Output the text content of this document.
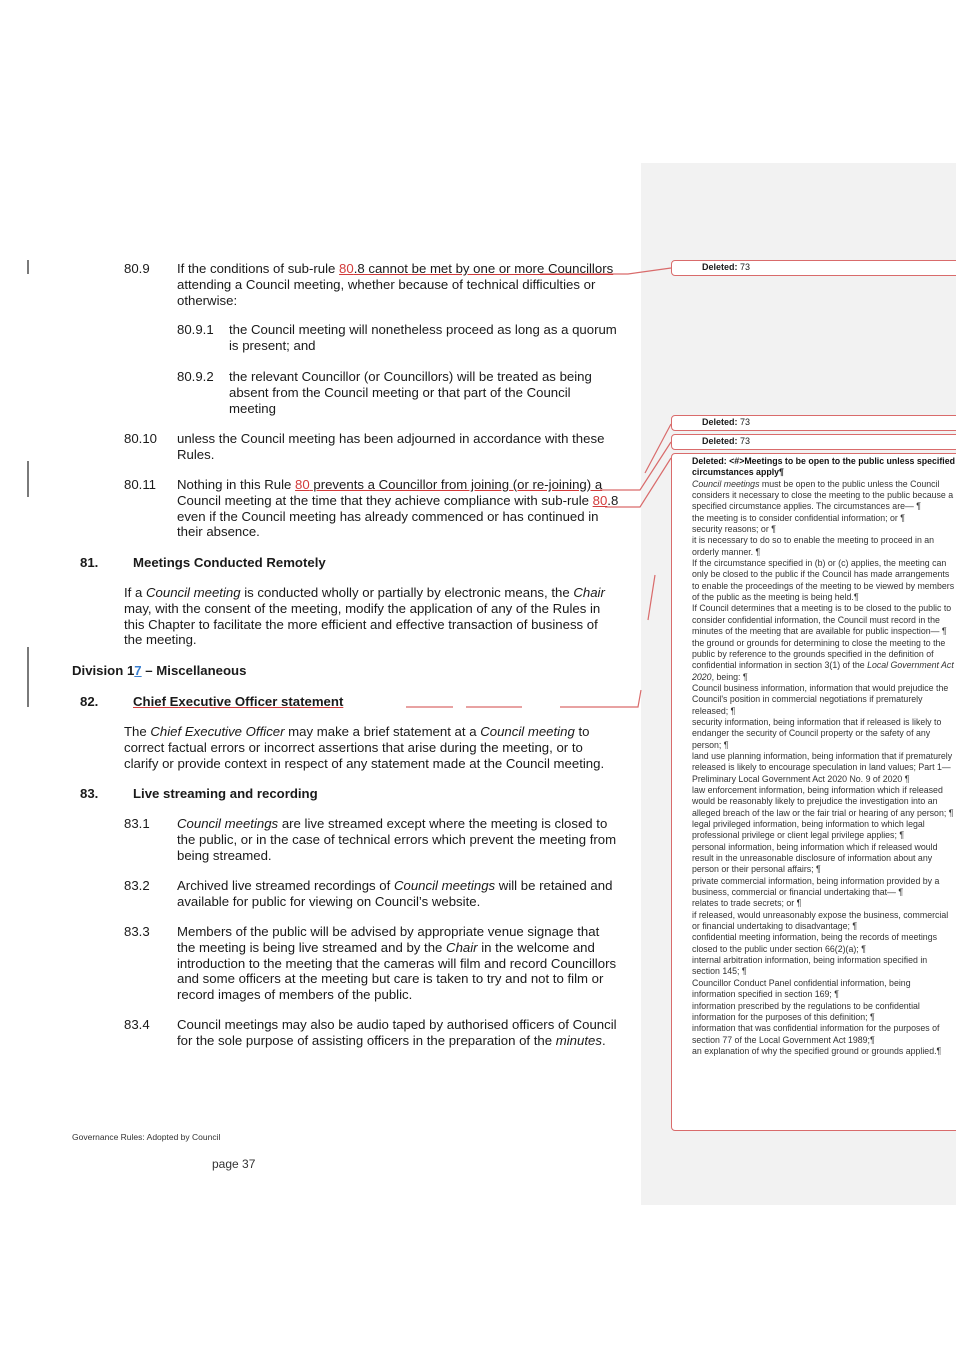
80.9 If the conditions of sub-rule 80.8 cannot be met by one or more Councillors
attending a Council meeting, whether because of technical difficulties or
otherwise:
80.9.1 the Council meeting will nonetheless proceed as long as a quorum
is present; and
80.9.2 the relevant Councillor (or Councillors) will be treated as being
absent from the Council meeting or that part of the Council
meeting
80.10 unless the Council meeting has been adjourned in accordance with these
Rules.
80.11 Nothing in this Rule 80 prevents a Councillor from joining (or re-joining) a
Council meeting at the time that they achieve compliance with sub-rule 80.8
even if the Council meeting has already commenced or has continued in
their absence.
81.	Meetings Conducted Remotely
If a Council meeting is conducted wholly or partially by electronic means, the Chair
may, with the consent of the meeting, modify the application of any of the Rules in
this Chapter to facilitate the more efficient and effective transaction of business of
the meeting.
Division 17 – Miscellaneous
82.	Chief Executive Officer statement
The Chief Executive Officer may make a brief statement at a Council meeting to
correct factual errors or incorrect assertions that arise during the meeting, or to
clarify or provide context in respect of any statement made at the Council meeting.
83.	Live streaming and recording
83.1 Council meetings are live streamed except where the meeting is closed to
the public, or in the case of technical errors which prevent the meeting from
being streamed.
83.2 Archived live streamed recordings of Council meetings will be retained and
available for public for viewing on Council’s website.
83.3 Members of the public will be advised by appropriate venue signage that
the meeting is being live streamed and by the Chair in the welcome and
introduction to the meeting that the cameras will film and record Councillors
and some officers at the meeting but care is taken to try and not to film or
record images of members of the public.
83.4 Council meetings may also be audio taped by authorised officers of Council
for the sole purpose of assisting officers in the preparation of the minutes.
Governance Rules: Adopted by Council
page 37
Deleted: 73
Deleted: 73
Deleted: 73
Deleted: <#>Meetings to be open to the public unless specified circumstances apply¶
Council meetings must be open to the public unless the Council considers it necessary to close the meeting to the public because a specified circumstance applies. The circumstances are— ¶
the meeting is to consider confidential information; or ¶
security reasons; or ¶
it is necessary to do so to enable the meeting to proceed in an orderly manner. ¶
If the circumstance specified in (b) or (c) applies, the meeting can only be closed to the public if the Council has made arrangements to enable the proceedings of the meeting to be viewed by members of the public as the meeting is being held.¶
If Council determines that a meeting is to be closed to the public to consider confidential information, the Council must record in the minutes of the meeting that are available for public inspection— ¶
the ground or grounds for determining to close the meeting to the public by reference to the grounds specified in the definition of confidential information in section 3(1) of the Local Government Act 2020, being: ¶
Council business information, information that would prejudice the Council's position in commercial negotiations if prematurely released; ¶
security information, being information that if released is likely to endanger the security of Council property or the safety of any person; ¶
land use planning information, being information that if prematurely released is likely to encourage speculation in land values; Part 1—Preliminary Local Government Act 2020 No. 9 of 2020 ¶
law enforcement information, being information which if released would be reasonably likely to prejudice the investigation into an alleged breach of the law or the fair trial or hearing of any person; ¶
legal privileged information, being information to which legal professional privilege or client legal privilege applies; ¶
personal information, being information which if released would result in the unreasonable disclosure of information about any person or their personal affairs; ¶
private commercial information, being information provided by a business, commercial or financial undertaking that— ¶
relates to trade secrets; or ¶
if released, would unreasonably expose the business, commercial or financial undertaking to disadvantage; ¶
confidential meeting information, being the records of meetings closed to the public under section 66(2)(a); ¶
internal arbitration information, being information specified in section 145; ¶
Councillor Conduct Panel confidential information, being information specified in section 169; ¶
information prescribed by the regulations to be confidential information for the purposes of this definition; ¶
information that was confidential information for the purposes of section 77 of the Local Government Act 1989;¶
an explanation of why the specified ground or grounds applied.¶
